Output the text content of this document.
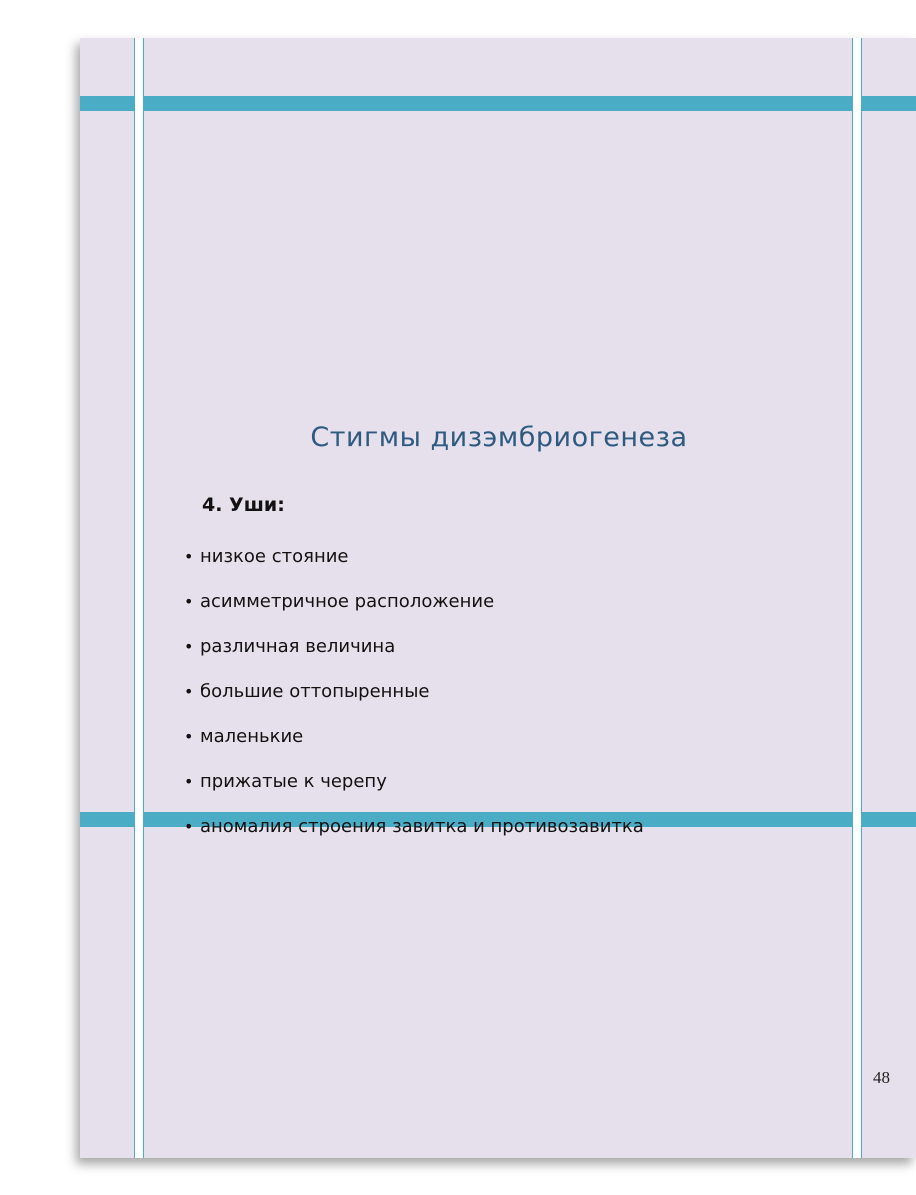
Стигмы дизэмбриогенеза
4. Уши:
• низкое стояние
• асимметричное расположение
• различная величина
• большие оттопыренные
• маленькие
• прижатые к черепу
• аномалия строения завитка и противозавитка
48
